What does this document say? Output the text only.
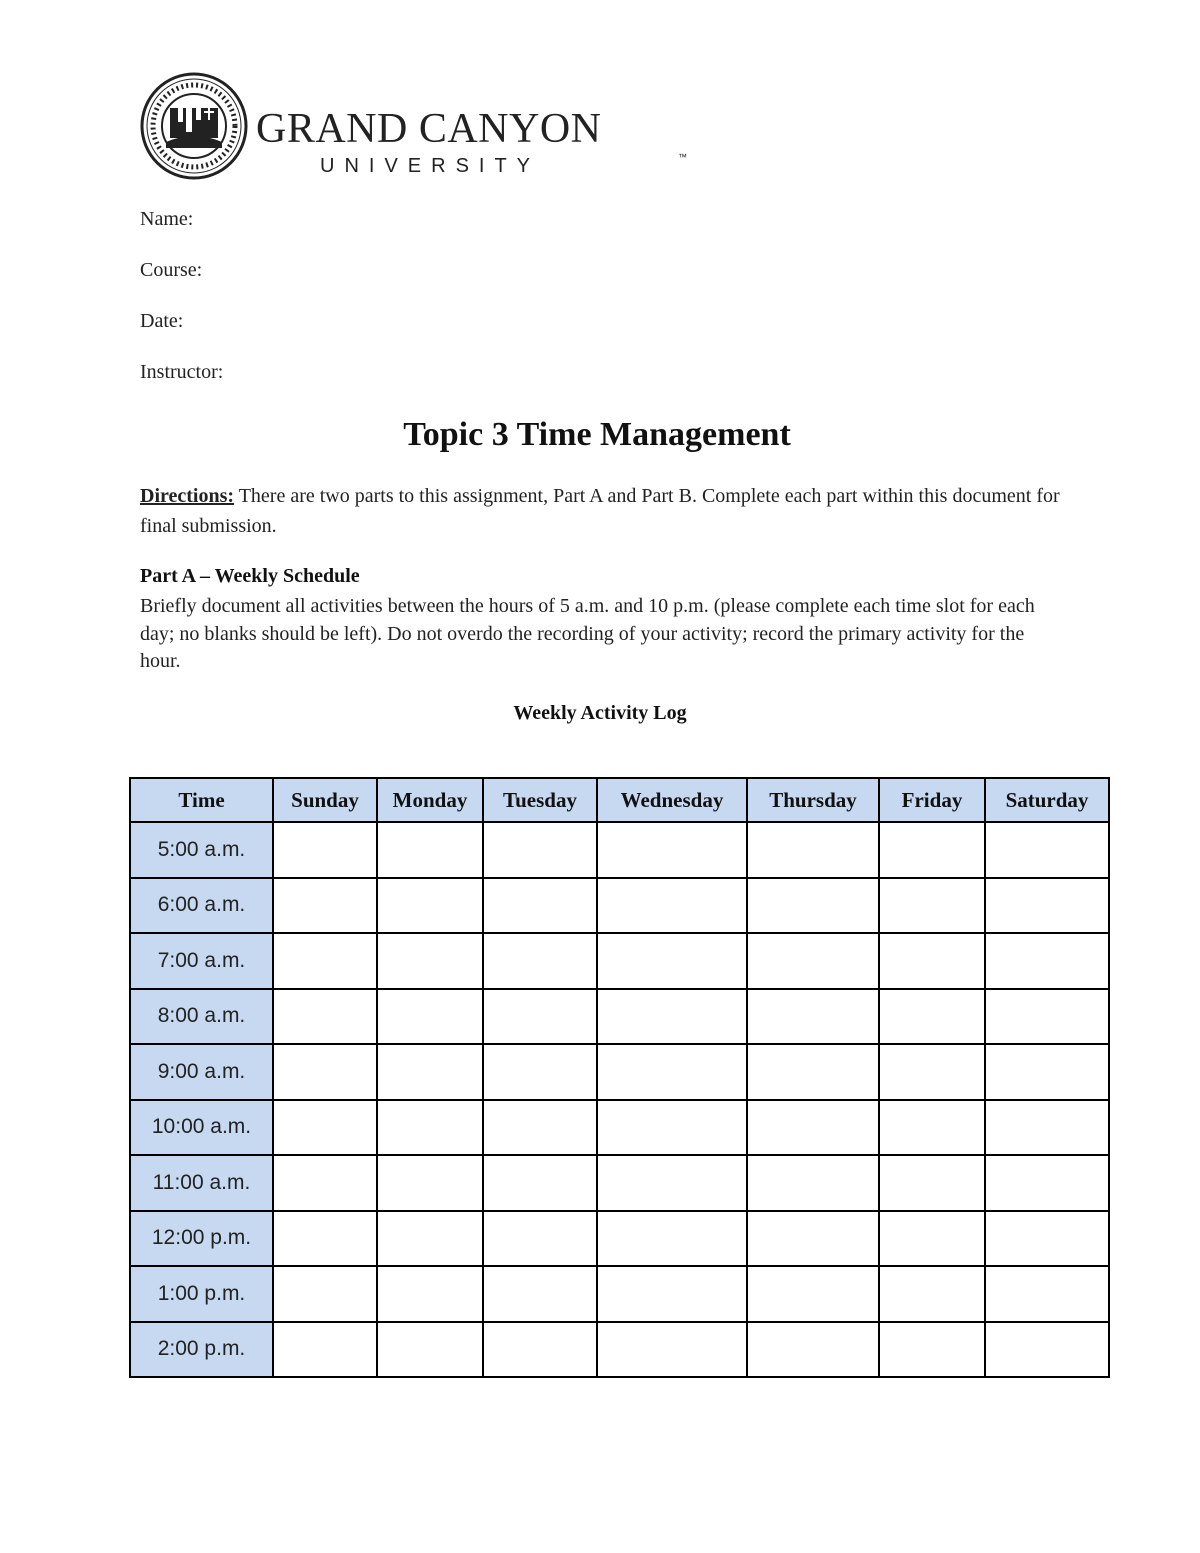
GRAND CANYON
UNIVERSITY	™
Name:
Course:
Date:
Instructor:
Topic 3 Time Management
Directions: There are two parts to this assignment, Part A and Part B. Complete each part within this document for final submission.
Part A – Weekly Schedule
Briefly document all activities between the hours of 5 a.m. and 10 p.m. (please complete each time slot for each day; no blanks should be left). Do not overdo the recording of your activity; record the primary activity for the hour.
Weekly Activity Log
Time	Sunday	Monday	Tuesday	Wednesday	Thursday	Friday	Saturday
5:00 a.m.							
6:00 a.m.							
7:00 a.m.							
8:00 a.m.							
9:00 a.m.							
10:00 a.m.							
11:00 a.m.							
12:00 p.m.							
1:00 p.m.							
2:00 p.m.							
